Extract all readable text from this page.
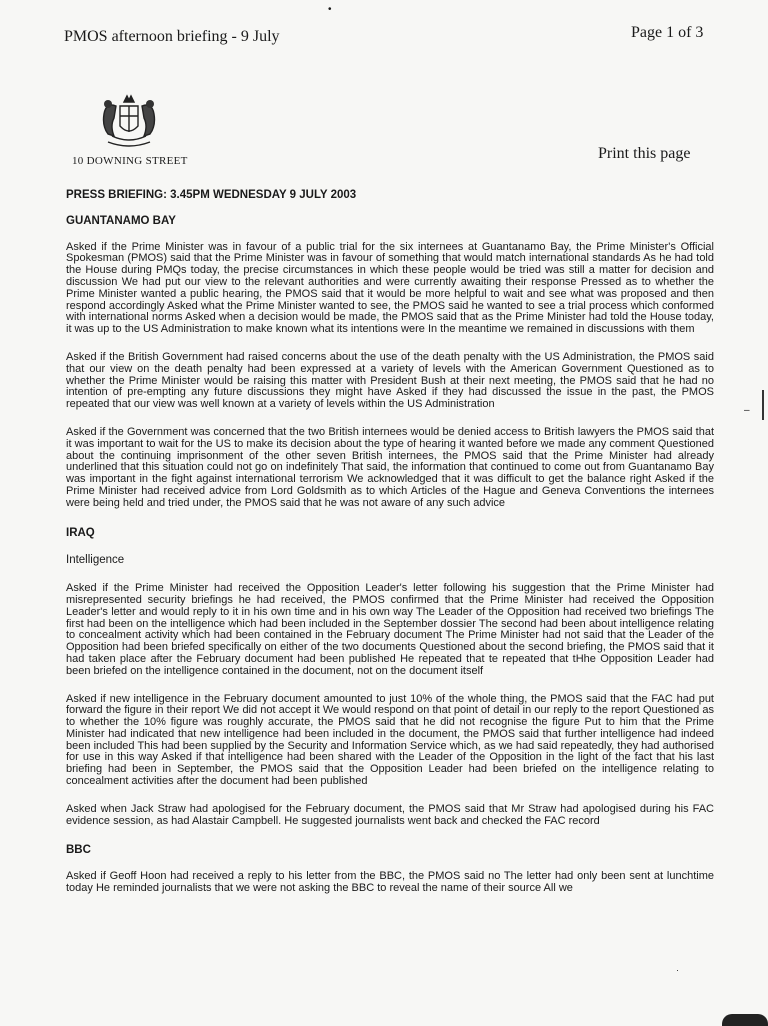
•
PMOS afternoon briefing - 9 July	Page 1 of 3
10 DOWNING STREET	Print this page
–
·

PRESS BRIEFING: 3.45PM WEDNESDAY 9 JULY 2003

GUANTANAMO BAY

Asked if the Prime Minister was in favour of a public trial for the six internees at Guantanamo Bay, the Prime Minister's Official Spokesman (PMOS) said that the Prime Minister was in favour of something that would match international standards As he had told the House during PMQs today, the precise circumstances in which these people would be tried was still a matter for decision and discussion We had put our view to the relevant authorities and were currently awaiting their response Pressed as to whether the Prime Minister wanted a public hearing, the PMOS said that it would be more helpful to wait and see what was proposed and then respond accordingly Asked what the Prime Minister wanted to see, the PMOS said he wanted to see a trial process which conformed with international norms Asked when a decision would be made, the PMOS said that as the Prime Minister had told the House today, it was up to the US Administration to make known what its intentions were In the meantime we remained in discussions with them

Asked if the British Government had raised concerns about the use of the death penalty with the US Administration, the PMOS said that our view on the death penalty had been expressed at a variety of levels with the American Government Questioned as to whether the Prime Minister would be raising this matter with President Bush at their next meeting, the PMOS said that he had no intention of pre-empting any future discussions they might have Asked if they had discussed the issue in the past, the PMOS repeated that our view was well known at a variety of levels within the US Administration

Asked if the Government was concerned that the two British internees would be denied access to British lawyers the PMOS said that it was important to wait for the US to make its decision about the type of hearing it wanted before we made any comment Questioned about the continuing imprisonment of the other seven British internees, the PMOS said that the Prime Minister had already underlined that this situation could not go on indefinitely That said, the information that continued to come out from Guantanamo Bay was important in the fight against international terrorism We acknowledged that it was difficult to get the balance right Asked if the Prime Minister had received advice from Lord Goldsmith as to which Articles of the Hague and Geneva Conventions the internees were being held and tried under, the PMOS said that he was not aware of any such advice

IRAQ

Intelligence

Asked if the Prime Minister had received the Opposition Leader's letter following his suggestion that the Prime Minister had misrepresented security briefings he had received, the PMOS confirmed that the Prime Minister had received the Opposition Leader's letter and would reply to it in his own time and in his own way The Leader of the Opposition had received two briefings The first had been on the intelligence which had been included in the September dossier The second had been about intelligence relating to concealment activity which had been contained in the February document The Prime Minister had not said that the Leader of the Opposition had been briefed specifically on either of the two documents Questioned about the second briefing, the PMOS said that it had taken place after the February document had been published He repeated that te repeated that tHhe Opposition Leader had been briefed on the intelligence contained in the document, not on the document itself

Asked if new intelligence in the February document amounted to just 10% of the whole thing, the PMOS said that the FAC had put forward the figure in their report We did not accept it We would respond on that point of detail in our reply to the report Questioned as to whether the 10% figure was roughly accurate, the PMOS said that he did not recognise the figure Put to him that the Prime Minister had indicated that new intelligence had been included in the document, the PMOS said that further intelligence had indeed been included This had been supplied by the Security and Information Service which, as we had said repeatedly, they had authorised for use in this way Asked if that intelligence had been shared with the Leader of the Opposition in the light of the fact that his last briefing had been in September, the PMOS said that the Opposition Leader had been briefed on the intelligence relating to concealment activities after the document had been published

Asked when Jack Straw had apologised for the February document, the PMOS said that Mr Straw had apologised during his FAC evidence session, as had Alastair Campbell. He suggested journalists went back and checked the FAC record

BBC

Asked if Geoff Hoon had received a reply to his letter from the BBC, the PMOS said no The letter had only been sent at lunchtime today He reminded journalists that we were not asking the BBC to reveal the name of their source All we
